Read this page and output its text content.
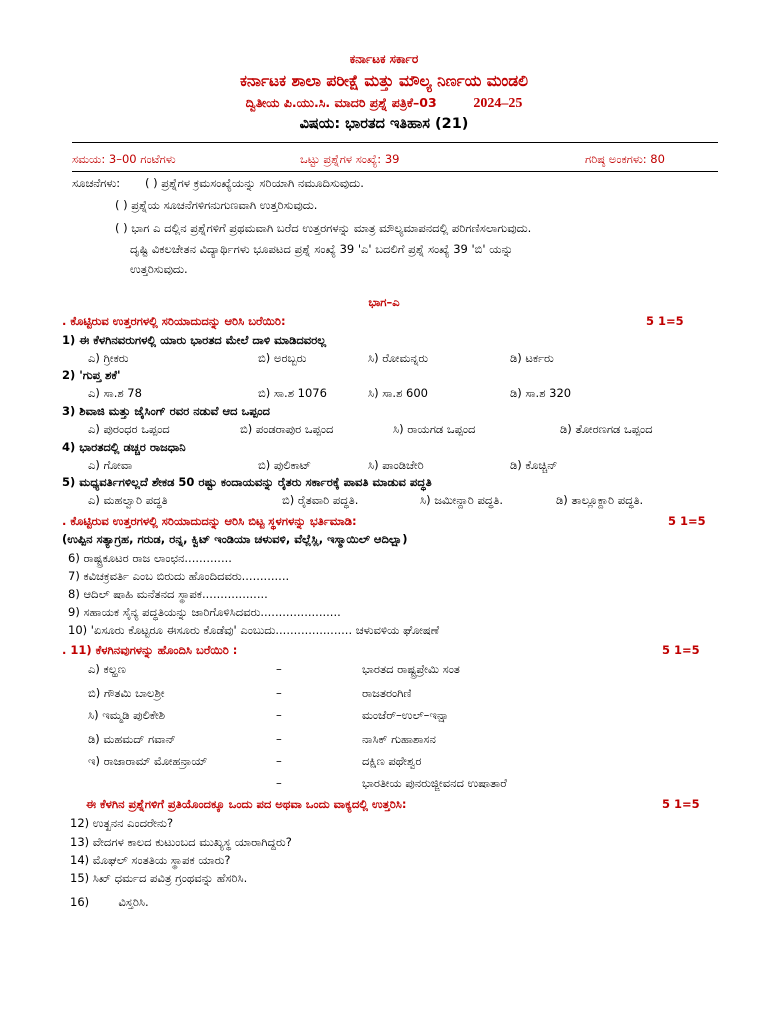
ಕರ್ನಾಟಕ ಸರ್ಕಾರ
ಕರ್ನಾಟಕ ಶಾಲಾ ಪರೀಕ್ಷೆ ಮತ್ತು ಮೌಲ್ಯ ನಿರ್ಣಯ ಮಂಡಲಿ
ದ್ವಿತೀಯ ಪಿ.ಯು.ಸಿ. ಮಾದರಿ ಪ್ರಶ್ನೆ ಪತ್ರಿಕೆ–03	2024–25
ವಿಷಯ: ಭಾರತದ ಇತಿಹಾಸ (21)
ಸಮಯ: 3–00 ಗಂಟೆಗಳು	ಒಟ್ಟು ಪ್ರಶ್ನೆಗಳ ಸಂಖ್ಯೆ: 39	ಗರಿಷ್ಠ ಅಂಕಗಳು: 80
ಸೂಚನೆಗಳು: ( ) ಪ್ರಶ್ನೆಗಳ ಕ್ರಮಸಂಖ್ಯೆಯನ್ನು ಸರಿಯಾಗಿ ನಮೂದಿಸುವುದು.
( ) ಪ್ರಶ್ನೆಯ ಸೂಚನೆಗಳಿಗನುಗುಣವಾಗಿ ಉತ್ತರಿಸುವುದು.
( ) ಭಾಗ ಎ ದಲ್ಲಿನ ಪ್ರಶ್ನೆಗಳಿಗೆ ಪ್ರಥಮವಾಗಿ ಬರೆದ ಉತ್ತರಗಳನ್ನು ಮಾತ್ರ ಮೌಲ್ಯಮಾಪನದಲ್ಲಿ ಪರಿಗಣಿಸಲಾಗುವುದು.
ದೃಷ್ಟಿ ವಿಕಲಚೇತನ ವಿದ್ಯಾರ್ಥಿಗಳು ಭೂಪಟದ ಪ್ರಶ್ನೆ ಸಂಖ್ಯೆ 39 'ಎ' ಬದಲಿಗೆ ಪ್ರಶ್ನೆ ಸಂಖ್ಯೆ 39 'ಬಿ' ಯನ್ನು
ಉತ್ತರಿಸುವುದು.
ಭಾಗ–ಎ
. ಕೊಟ್ಟಿರುವ ಉತ್ತರಗಳಲ್ಲಿ ಸರಿಯಾದುದನ್ನು ಆರಿಸಿ ಬರೆಯಿರಿ:	5 1=5
1) ಈ ಕೆಳಗಿನವರುಗಳಲ್ಲಿ ಯಾರು ಭಾರತದ ಮೇಲೆ ದಾಳಿ ಮಾಡಿದವರಲ್ಲ
ಎ) ಗ್ರೀಕರು	ಬಿ) ಅರಬ್ಬರು	ಸಿ) ರೋಮನ್ನರು	ಡಿ) ಟರ್ಕರು
2) 'ಗುಪ್ತ ಶಕೆ'
ಎ) ಸಾ.ಶ 78	ಬಿ) ಸಾ.ಶ 1076	ಸಿ) ಸಾ.ಶ 600	ಡಿ) ಸಾ.ಶ 320
3) ಶಿವಾಜಿ ಮತ್ತು ಜೈಸಿಂಗ್ ರವರ ನಡುವೆ ಆದ ಒಪ್ಪಂದ
ಎ) ಪುರಂಧರ ಒಪ್ಪಂದ	ಬಿ) ಪಂಡರಾಪುರ ಒಪ್ಪಂದ	ಸಿ) ರಾಯಗಡ ಒಪ್ಪಂದ	ಡಿ) ತೋರಣಗಡ ಒಪ್ಪಂದ
4) ಭಾರತದಲ್ಲಿ ಡಚ್ಚರ ರಾಜಧಾನಿ
ಎ) ಗೋವಾ	ಬಿ) ಪುಲಿಕಾಟ್	ಸಿ) ಪಾಂಡಿಚೇರಿ	ಡಿ) ಕೊಚ್ಚಿನ್
5) ಮಧ್ಯವರ್ತಿಗಳಿಲ್ಲದೆ ಶೇಕಡ 50 ರಷ್ಟು ಕಂದಾಯವನ್ನು ರೈತರು ಸರ್ಕಾರಕ್ಕೆ ಪಾವತಿ ಮಾಡುವ ಪದ್ಧತಿ
ಎ) ಮಹಲ್ವಾರಿ ಪದ್ಧತಿ	ಬಿ) ರೈತವಾರಿ ಪದ್ಧತಿ.	ಸಿ) ಜಮೀನ್ದಾರಿ ಪದ್ಧತಿ.	ಡಿ) ತಾಲ್ಲೂಕ್ದಾರಿ ಪದ್ಧತಿ.
. ಕೊಟ್ಟಿರುವ ಉತ್ತರಗಳಲ್ಲಿ ಸರಿಯಾದುದನ್ನು ಆರಿಸಿ ಬಿಟ್ಟ ಸ್ಥಳಗಳನ್ನು ಭರ್ತಿಮಾಡಿ:	5 1=5
(ಉಪ್ಪಿನ ಸತ್ಯಾಗ್ರಹ, ಗರುಡ, ರನ್ನ, ಕ್ವಿಟ್ ಇಂಡಿಯಾ ಚಳುವಳಿ, ವೆಲ್ಲೆಸ್ಲಿ, ಇಸ್ಮಾಯಿಲ್ ಆದಿಲ್ಷಾ)
6) ರಾಷ್ಟ್ರಕೂಟರ ರಾಜ ಲಾಂಛನ.............
7) ಕವಿಚಕ್ರವರ್ತಿ ಎಂಬ ಬಿರುದು ಹೊಂದಿದವರು.............
8) ಆದಿಲ್ ಷಾಹಿ ಮನೆತನದ ಸ್ಥಾಪಕ..................
9) ಸಹಾಯಕ ಸೈನ್ಯ ಪದ್ಧತಿಯನ್ನು ಜಾರಿಗೊಳಿಸಿದವರು......................
10) 'ಏಸೂರು ಕೊಟ್ಟರೂ ಈಸೂರು ಕೊಡೆವು' ಎಂಬುದು..................... ಚಳುವಳಿಯ ಘೋಷಣೆ
. 11) ಕೆಳಗಿನವುಗಳನ್ನು ಹೊಂದಿಸಿ ಬರೆಯಿರಿ :	5 1=5
ಎ) ಕಲ್ಹಣ	–	ಭಾರತದ ರಾಷ್ಟ್ರಪ್ರೇಮಿ ಸಂತ
ಬಿ) ಗೌತಮಿ ಬಾಲಶ್ರೀ	–	ರಾಜತರಂಗಿಣಿ
ಸಿ) ಇಮ್ಮಡಿ ಪುಲಿಕೇಶಿ	–	ಮಂಜೆರ್–ಉಲ್–ಇನ್ಷಾ
ಡಿ) ಮಹಮದ್ ಗವಾನ್	–	ನಾಸಿಕ್ ಗುಹಾಶಾಸನ
ಇ) ರಾಜಾರಾಮ್ ಮೋಹನ್ರಾಯ್	–	ದಕ್ಷಿಣ ಪಥೇಶ್ವರ
–	ಭಾರತೀಯ ಪುನರುಜ್ಜೀವನದ ಉಷಾತಾರೆ
ಈ ಕೆಳಗಿನ ಪ್ರಶ್ನೆಗಳಿಗೆ ಪ್ರತಿಯೊಂದಕ್ಕೂ ಒಂದು ಪದ ಅಥವಾ ಒಂದು ವಾಕ್ಯದಲ್ಲಿ ಉತ್ತರಿಸಿ:	5 1=5
12) ಉತ್ಖನನ ಎಂದರೇನು?
13) ವೇದಗಳ ಕಾಲದ ಕುಟುಂಬದ ಮುಖ್ಯಸ್ಥ ಯಾರಾಗಿದ್ದರು?
14) ಮೊಘಲ್ ಸಂತತಿಯ ಸ್ಥಾಪಕ ಯಾರು?
15) ಸಿಖ್ ಧರ್ಮದ ಪವಿತ್ರ ಗ್ರಂಥವನ್ನು ಹೆಸರಿಸಿ.
16)        ವಿಸ್ತರಿಸಿ.
